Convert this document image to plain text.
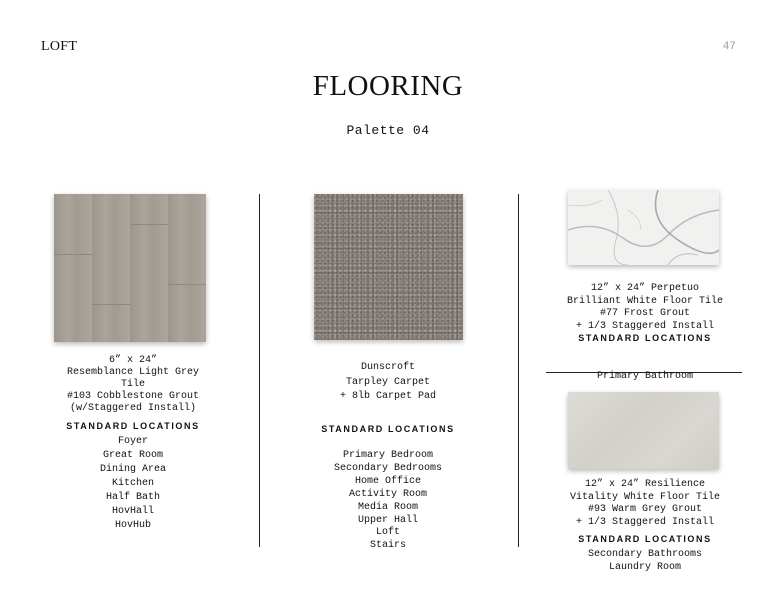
LOFT	47
FLOORING
Palette 04
6” x 24”
Resemblance Light Grey
Tile
#103 Cobblestone Grout
(w/Staggered Install)
STANDARD LOCATIONS
Foyer
Great Room
Dining Area
Kitchen
Half Bath
HovHall
HovHub
Dunscroft
Tarpley Carpet
+ 8lb Carpet Pad
STANDARD LOCATIONS
Primary Bedroom
Secondary Bedrooms
Home Office
Activity Room
Media Room
Upper Hall
Loft
Stairs
12” x 24” Perpetuo
Brilliant White Floor Tile
#77 Frost Grout
+ 1/3 Staggered Install
STANDARD LOCATIONS

Primary Bathroom

12” x 24” Resilience
Vitality White Floor Tile
#93 Warm Grey Grout
+ 1/3 Staggered Install
STANDARD LOCATIONS
Secondary Bathrooms
Laundry Room
